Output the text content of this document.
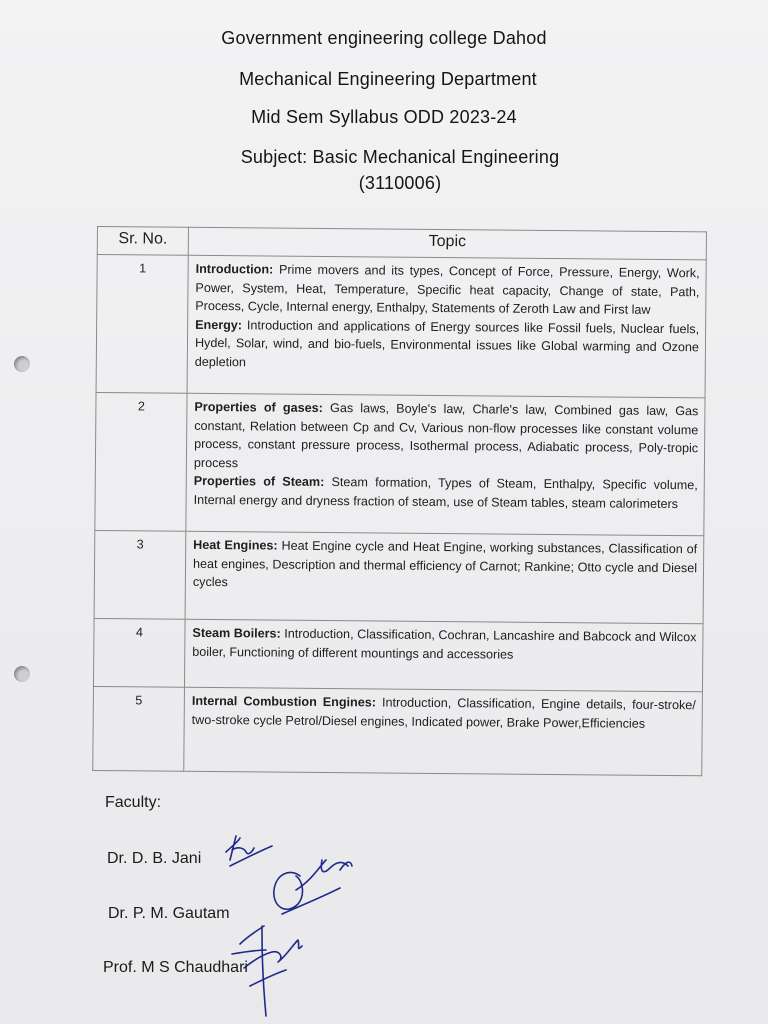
Government engineering college Dahod
Mechanical Engineering Department
Mid Sem Syllabus ODD 2023-24
Subject: Basic Mechanical Engineering
(3110006)
Sr. No.	Topic
1	Introduction: Prime movers and its types, Concept of Force, Pressure, Energy, Work, Power, System, Heat, Temperature, Specific heat capacity, Change of state, Path, Process, Cycle, Internal energy, Enthalpy, Statements of Zeroth Law and First law
Energy: Introduction and applications of Energy sources like Fossil fuels, Nuclear fuels, Hydel, Solar, wind, and bio-fuels, Environmental issues like Global warming and Ozone depletion
2	Properties of gases: Gas laws, Boyle's law, Charle's law, Combined gas law, Gas constant, Relation between Cp and Cv, Various non-flow processes like constant volume process, constant pressure process, Isothermal process, Adiabatic process, Poly-tropic process
Properties of Steam: Steam formation, Types of Steam, Enthalpy, Specific volume, Internal energy and dryness fraction of steam, use of Steam tables, steam calorimeters
3	Heat Engines: Heat Engine cycle and Heat Engine, working substances, Classification of heat engines, Description and thermal efficiency of Carnot; Rankine; Otto cycle and Diesel cycles
4	Steam Boilers: Introduction, Classification, Cochran, Lancashire and Babcock and Wilcox boiler, Functioning of different mountings and accessories
5	Internal Combustion Engines: Introduction, Classification, Engine details, four-stroke/ two-stroke cycle Petrol/Diesel engines, Indicated power, Brake Power,Efficiencies
Faculty:
Dr. D. B. Jani
Dr. P. M. Gautam
Prof. M S Chaudhari
